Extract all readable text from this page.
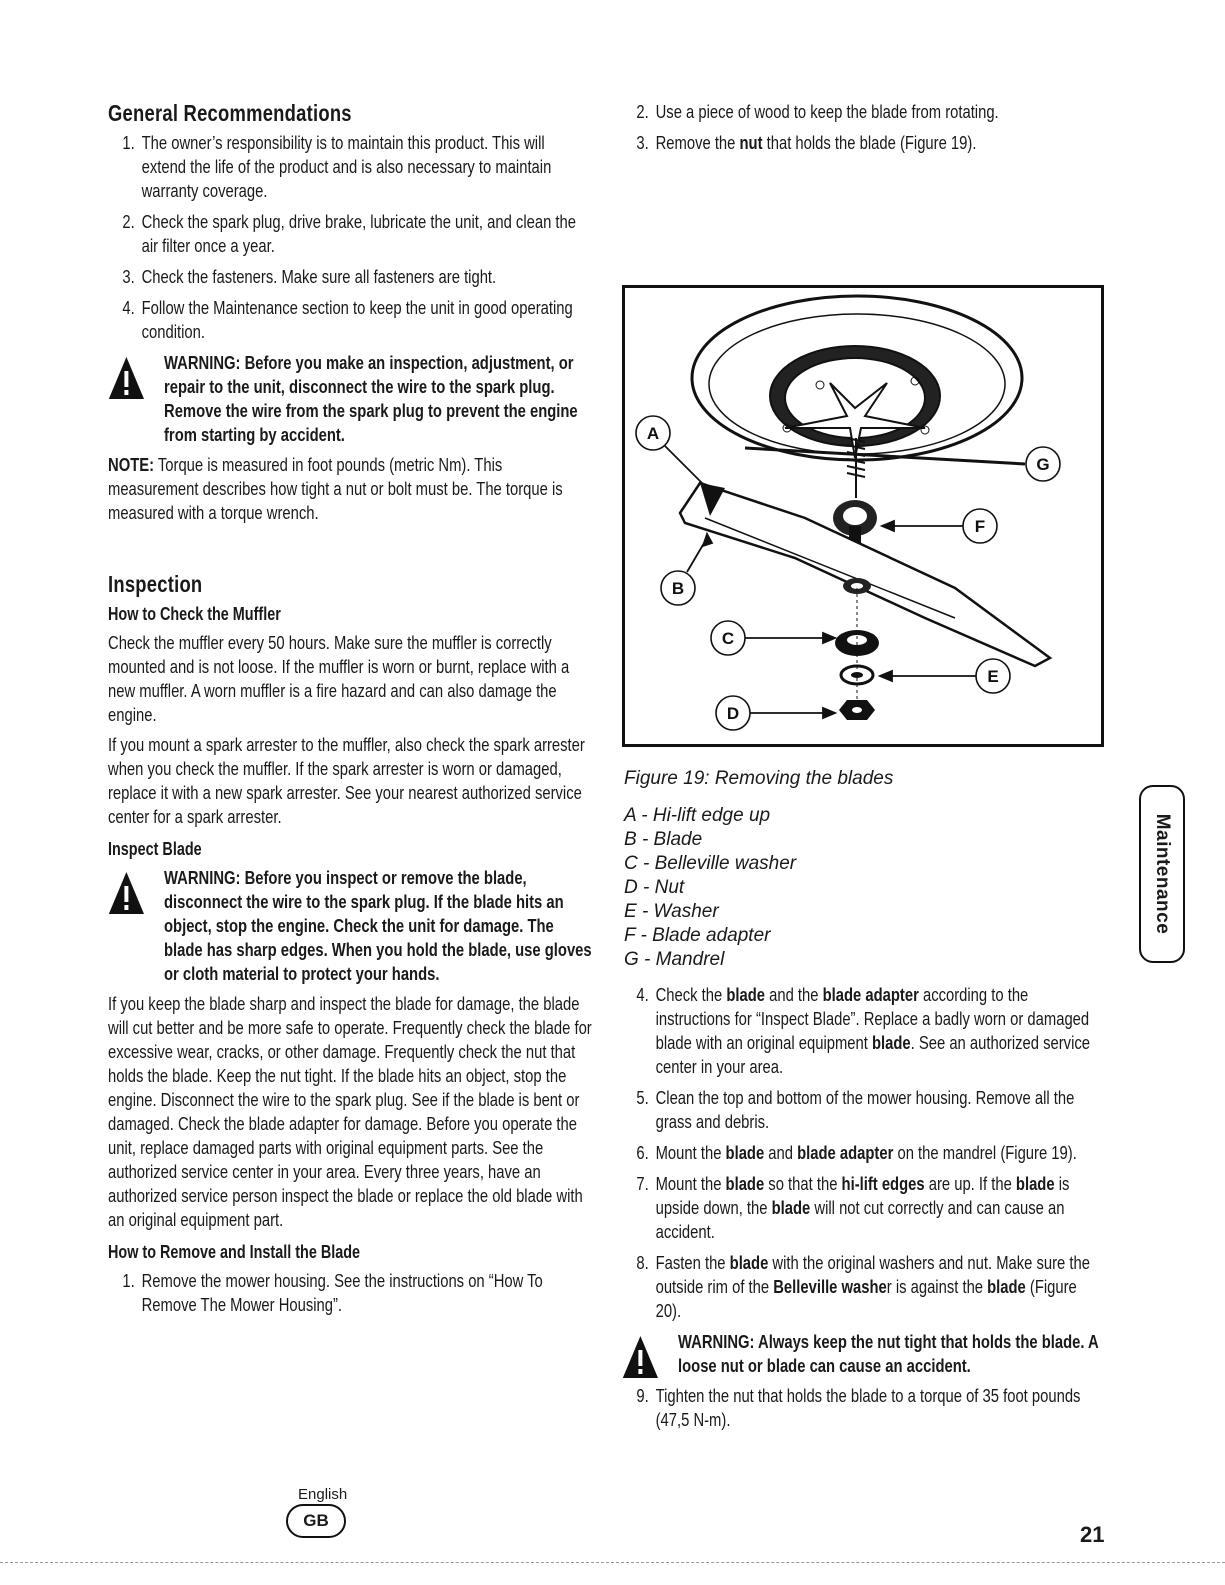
General Recommendations
1. The owner’s responsibility is to maintain this product. This will extend the life of the product and is also necessary to maintain warranty coverage.
2. Check the spark plug, drive brake, lubricate the unit, and clean the air filter once a year.
3. Check the fasteners. Make sure all fasteners are tight.
4. Follow the Maintenance section to keep the unit in good operating condition.
WARNING: Before you make an inspection, adjustment, or repair to the unit, disconnect the wire to the spark plug. Remove the wire from the spark plug to prevent the engine from starting by accident.

NOTE: Torque is measured in foot pounds (metric Nm). This measurement describes how tight a nut or bolt must be. The torque is measured with a torque wrench.

Inspection
How to Check the Muffler

Check the muffler every 50 hours. Make sure the muffler is correctly mounted and is not loose. If the muffler is worn or burnt, replace with a new muffler. A worn muffler is a fire hazard and can also damage the engine.

If you mount a spark arrester to the muffler, also check the spark arrester when you check the muffler. If the spark arrester is worn or damaged, replace it with a new spark arrester. See your nearest authorized service center for a spark arrester.

Inspect Blade
WARNING: Before you inspect or remove the blade, disconnect the wire to the spark plug. If the blade hits an object, stop the engine. Check the unit for damage. The blade has sharp edges. When you hold the blade, use gloves or cloth material to protect your hands.

If you keep the blade sharp and inspect the blade for damage, the blade will cut better and be more safe to operate. Frequently check the blade for excessive wear, cracks, or other damage. Frequently check the nut that holds the blade. Keep the nut tight. If the blade hits an object, stop the engine. Disconnect the wire to the spark plug. See if the blade is bent or damaged. Check the blade adapter for damage. Before you operate the unit, replace damaged parts with original equipment parts. See the authorized service center in your area. Every three years, have an authorized service person inspect the blade or replace the old blade with an original equipment part.

How to Remove and Install the Blade
1. Remove the mower housing. See the instructions on “How To Remove The Mower Housing”.
2. Use a piece of wood to keep the blade from rotating.
3. Remove the nut that holds the blade (Figure 19).
A
B
C
D
E
F
G
Figure 19: Removing the blades
A - Hi-lift edge up
B - Blade
C - Belleville washer
D - Nut
E - Washer
F - Blade adapter
G - Mandrel
4. Check the blade and the blade adapter according to the instructions for “Inspect Blade”. Replace a badly worn or damaged blade with an original equipment blade. See an authorized service center in your area.
5. Clean the top and bottom of the mower housing. Remove all the grass and debris.
6. Mount the blade and blade adapter on the mandrel (Figure 19).
7. Mount the blade so that the hi-lift edges are up. If the blade is upside down, the blade will not cut correctly and can cause an accident.
8. Fasten the blade with the original washers and nut. Make sure the outside rim of the Belleville washer is against the blade (Figure 20).
WARNING: Always keep the nut tight that holds the blade. A loose nut or blade can cause an accident.
9. Tighten the nut that holds the blade to a torque of 35 foot pounds (47,5 N-m).
Maintenance
English
GB
21
